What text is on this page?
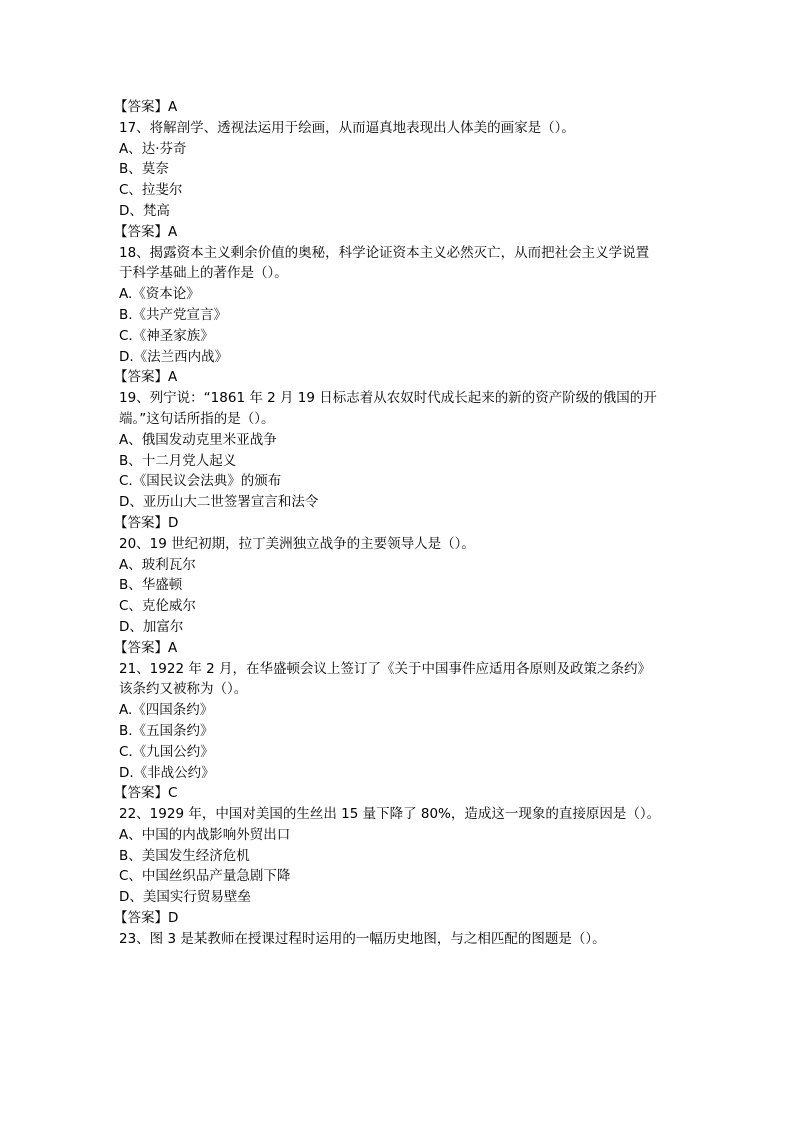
【答案】A
17、将解剖学、透视法运用于绘画，从而逼真地表现出人体美的画家是（）。
A、达·芬奇
B、莫奈
C、拉斐尔
D、梵高
【答案】A
18、揭露资本主义剩余价值的奥秘，科学论证资本主义必然灭亡，从而把社会主义学说置
于科学基础上的著作是（）。
A.《资本论》
B.《共产党宣言》
C.《神圣家族》
D.《法兰西内战》
【答案】A
19、列宁说：“1861 年 2 月 19 日标志着从农奴时代成长起来的新的资产阶级的俄国的开
端。”这句话所指的是（）。
A、俄国发动克里米亚战争
B、十二月党人起义
C.《国民议会法典》的颁布
D、亚历山大二世签署宣言和法令
【答案】D
20、19 世纪初期，拉丁美洲独立战争的主要领导人是（）。
A、玻利瓦尔
B、华盛顿
C、克伦威尔
D、加富尔
【答案】A
21、1922 年 2 月，在华盛顿会议上签订了《关于中国事件应适用各原则及政策之条约》
该条约又被称为（）。
A.《四国条约》
B.《五国条约》
C.《九国公约》
D.《非战公约》
【答案】C
22、1929 年，中国对美国的生丝出 15 量下降了 80%，造成这一现象的直接原因是（）。
A、中国的内战影响外贸出口
B、美国发生经济危机
C、中国丝织品产量急剧下降
D、美国实行贸易壁垒
【答案】D
23、图 3 是某教师在授课过程时运用的一幅历史地图，与之相匹配的图题是（）。
